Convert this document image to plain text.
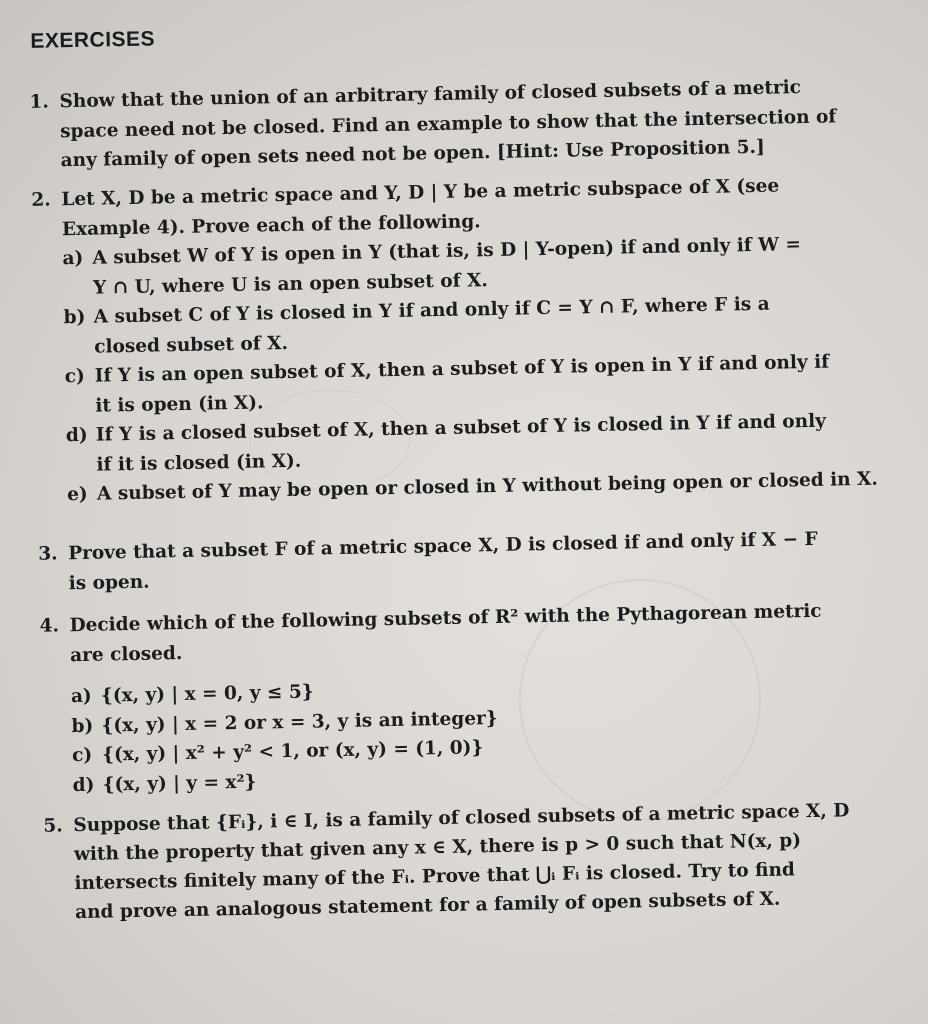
EXERCISES
1. Show that the union of an arbitrary family of closed subsets of a metric
space need not be closed. Find an example to show that the intersection of
any family of open sets need not be open. [Hint: Use Proposition 5.]
2. Let X, D be a metric space and Y, D | Y be a metric subspace of X (see
Example 4). Prove each of the following.
a) A subset W of Y is open in Y (that is, is D | Y-open) if and only if W =
Y ∩ U, where U is an open subset of X.
b) A subset C of Y is closed in Y if and only if C = Y ∩ F, where F is a
closed subset of X.
c) If Y is an open subset of X, then a subset of Y is open in Y if and only if
it is open (in X).
d) If Y is a closed subset of X, then a subset of Y is closed in Y if and only
if it is closed (in X).
e) A subset of Y may be open or closed in Y without being open or closed in X.
3. Prove that a subset F of a metric space X, D is closed if and only if X − F
is open.
4. Decide which of the following subsets of R² with the Pythagorean metric
are closed.
a) {(x, y) | x = 0, y ≤ 5}
b) {(x, y) | x = 2 or x = 3, y is an integer}
c) {(x, y) | x² + y² < 1, or (x, y) = (1, 0)}
d) {(x, y) | y = x²}
5. Suppose that {Fᵢ}, i ∈ I, is a family of closed subsets of a metric space X, D
with the property that given any x ∈ X, there is p > 0 such that N(x, p)
intersects finitely many of the Fᵢ. Prove that ⋃ᵢ Fᵢ is closed. Try to find
and prove an analogous statement for a family of open subsets of X.
